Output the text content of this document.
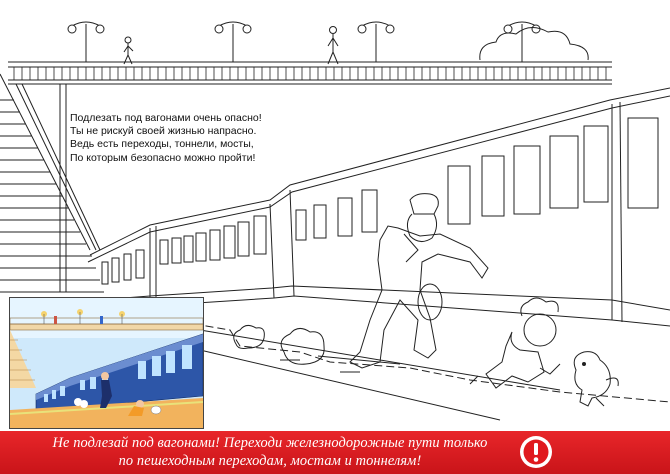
Подлезать под вагонами очень опасно!
Ты не рискуй своей жизнью напрасно.
Ведь есть переходы, тоннели, мосты,
По которым безопасно можно пройти!
Не подлезай под вагонами! Переходи железнодорожные пути только
по пешеходным переходам, мостам и тоннелям!
